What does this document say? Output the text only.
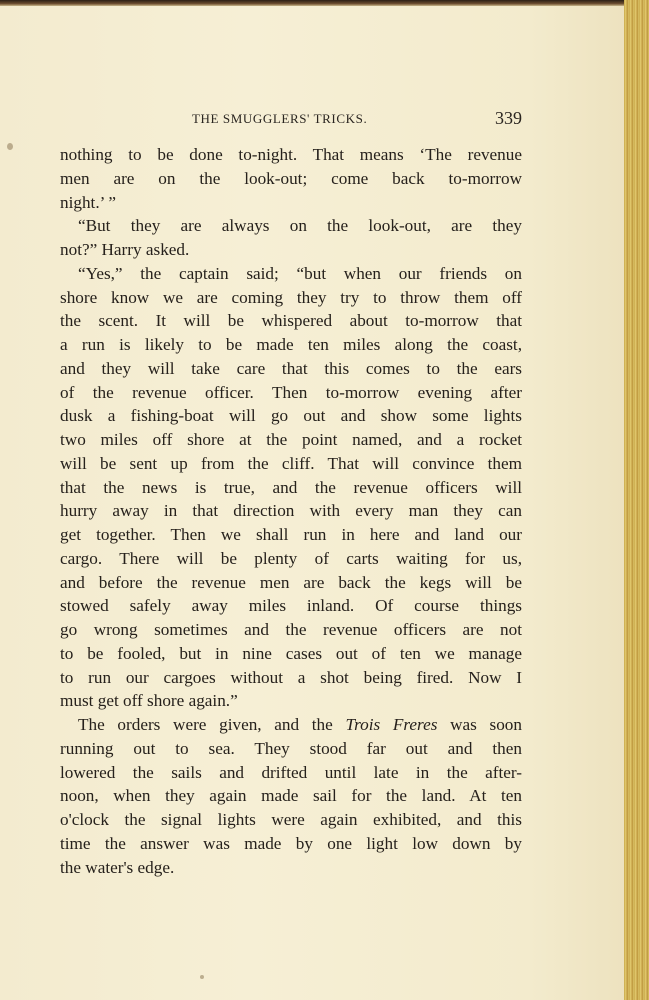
THE SMUGGLERS' TRICKS.	339
nothing to be done to-night. That means ‘The revenue
men are on the look-out; come back to-morrow
night.’ ”
“But they are always on the look-out, are they
not?” Harry asked.
“Yes,” the captain said; “but when our friends on
shore know we are coming they try to throw them off
the scent. It will be whispered about to-morrow that
a run is likely to be made ten miles along the coast,
and they will take care that this comes to the ears
of the revenue officer. Then to-morrow evening after
dusk a fishing-boat will go out and show some lights
two miles off shore at the point named, and a rocket
will be sent up from the cliff. That will convince them
that the news is true, and the revenue officers will
hurry away in that direction with every man they can
get together. Then we shall run in here and land our
cargo. There will be plenty of carts waiting for us,
and before the revenue men are back the kegs will be
stowed safely away miles inland. Of course things
go wrong sometimes and the revenue officers are not
to be fooled, but in nine cases out of ten we manage
to run our cargoes without a shot being fired. Now I
must get off shore again.”
The orders were given, and the Trois Freres was soon
running out to sea. They stood far out and then
lowered the sails and drifted until late in the after-
noon, when they again made sail for the land. At ten
o'clock the signal lights were again exhibited, and this
time the answer was made by one light low down by
the water's edge.
